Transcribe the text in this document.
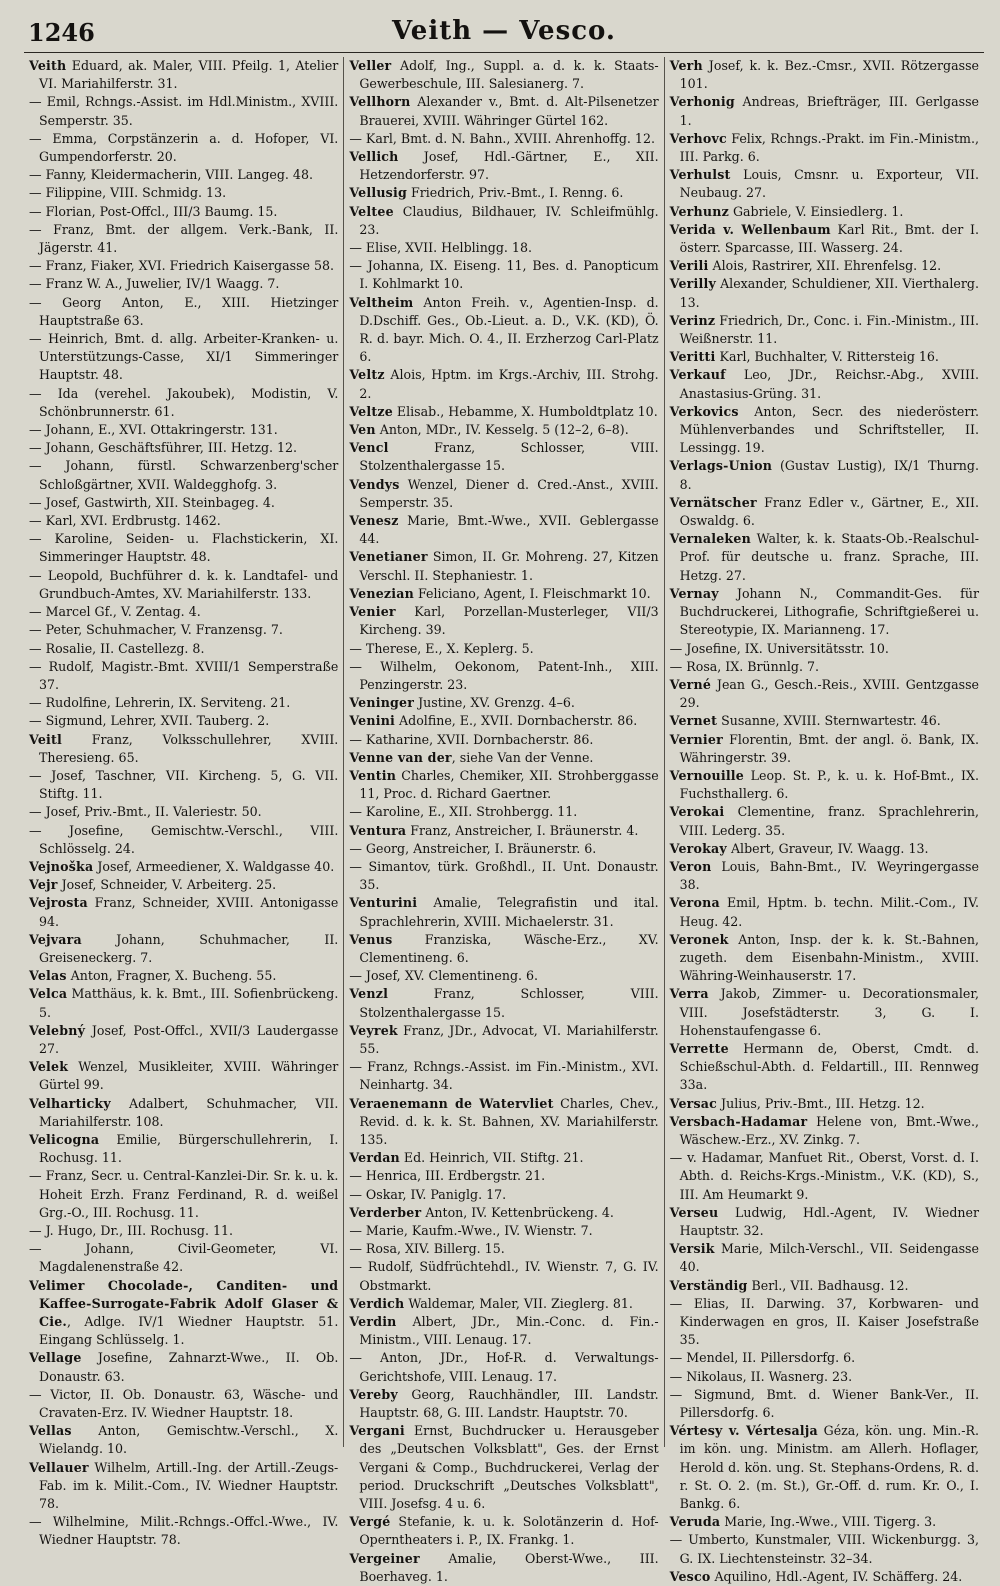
1246	Veith — Vesco.

Veith Eduard, ak. Maler, VIII. Pfeilg. 1, Atelier VI. Mariahilferstr. 31.

— Emil, Rchngs.-Assist. im Hdl.Ministm., XVIII. Semperstr. 35.

— Emma, Corpstänzerin a. d. Hofoper, VI. Gumpendorferstr. 20.

— Fanny, Kleidermacherin, VIII. Langeg. 48.

— Filippine, VIII. Schmidg. 13.

— Florian, Post-Offcl., III/3 Baumg. 15.

— Franz, Bmt. der allgem. Verk.-Bank, II. Jägerstr. 41.

— Franz, Fiaker, XVI. Friedrich Kaisergasse 58.

— Franz W. A., Juwelier, IV/1 Waagg. 7.

— Georg Anton, E., XIII. Hietzinger Hauptstraße 63.

— Heinrich, Bmt. d. allg. Arbeiter-Kranken- u. Unterstützungs-Casse, XI/1 Simmeringer Hauptstr. 48.

— Ida (verehel. Jakoubek), Modistin, V. Schönbrunnerstr. 61.

— Johann, E., XVI. Ottakringerstr. 131.

— Johann, Geschäftsführer, III. Hetzg. 12.

— Johann, fürstl. Schwarzenberg'scher Schloßgärtner, XVII. Waldegghofg. 3.

— Josef, Gastwirth, XII. Steinbageg. 4.

— Karl, XVI. Erdbrustg. 1462.

— Karoline, Seiden- u. Flachstickerin, XI. Simmeringer Hauptstr. 48.

— Leopold, Buchführer d. k. k. Landtafel- und Grundbuch-Amtes, XV. Mariahilferstr. 133.

— Marcel Gf., V. Zentag. 4.

— Peter, Schuhmacher, V. Franzensg. 7.

— Rosalie, II. Castellezg. 8.

— Rudolf, Magistr.-Bmt. XVIII/1 Semperstraße 37.

— Rudolfine, Lehrerin, IX. Serviteng. 21.

— Sigmund, Lehrer, XVII. Tauberg. 2.

Veitl Franz, Volksschullehrer, XVIII. Theresieng. 65.

— Josef, Taschner, VII. Kircheng. 5, G. VII. Stiftg. 11.

— Josef, Priv.-Bmt., II. Valeriestr. 50.

— Josefine, Gemischtw.-Verschl., VIII. Schlösselg. 24.

Vejnoška Josef, Armeediener, X. Waldgasse 40.

Vejr Josef, Schneider, V. Arbeiterg. 25.

Vejrosta Franz, Schneider, XVIII. Antonigasse 94.

Vejvara Johann, Schuhmacher, II. Greiseneckerg. 7.

Velas Anton, Fragner, X. Bucheng. 55.

Velca Matthäus, k. k. Bmt., III. Sofienbrückeng. 5.

Velebný Josef, Post-Offcl., XVII/3 Laudergasse 27.

Velek Wenzel, Musikleiter, XVIII. Währinger Gürtel 99.

Velharticky Adalbert, Schuhmacher, VII. Mariahilferstr. 108.

Velicogna Emilie, Bürgerschullehrerin, I. Rochusg. 11.

— Franz, Secr. u. Central-Kanzlei-Dir. Sr. k. u. k. Hoheit Erzh. Franz Ferdinand, R. d. weißel Grg.-O., III. Rochusg. 11.

— J. Hugo, Dr., III. Rochusg. 11.

— Johann, Civil-Geometer, VI. Magdalenenstraße 42.

Velimer Chocolade-, Canditen- und Kaffee-Surrogate-Fabrik Adolf Glaser & Cie., Adlge. IV/1 Wiedner Hauptstr. 51. Eingang Schlüsselg. 1.

Vellage Josefine, Zahnarzt-Wwe., II. Ob. Donaustr. 63.

— Victor, II. Ob. Donaustr. 63, Wäsche- und Cravaten-Erz. IV. Wiedner Hauptstr. 18.

Vellas Anton, Gemischtw.-Verschl., X. Wielandg. 10.

Vellauer Wilhelm, Artill.-Ing. der Artill.-Zeugs-Fab. im k. Milit.-Com., IV. Wiedner Hauptstr. 78.

— Wilhelmine, Milit.-Rchngs.-Offcl.-Wwe., IV. Wiedner Hauptstr. 78.

Veller Adolf, Ing., Suppl. a. d. k. k. Staats-Gewerbeschule, III. Salesianerg. 7.

Vellhorn Alexander v., Bmt. d. Alt-Pilsenetzer Brauerei, XVIII. Währinger Gürtel 162.

— Karl, Bmt. d. N. Bahn., XVIII. Ahrenhoffg. 12.

Vellich Josef, Hdl.-Gärtner, E., XII. Hetzendorferstr. 97.

Vellusig Friedrich, Priv.-Bmt., I. Renng. 6.

Veltee Claudius, Bildhauer, IV. Schleifmühlg. 23.

— Elise, XVII. Helblingg. 18.

— Johanna, IX. Eiseng. 11, Bes. d. Panopticum I. Kohlmarkt 10.

Veltheim Anton Freih. v., Agentien-Insp. d. D.Dschiff. Ges., Ob.-Lieut. a. D., V.K. (KD), Ö. R. d. bayr. Mich. O. 4., II. Erzherzog Carl-Platz 6.

Veltz Alois, Hptm. im Krgs.-Archiv, III. Strohg. 2.

Veltze Elisab., Hebamme, X. Humboldtplatz 10.

Ven Anton, MDr., IV. Kesselg. 5 (12–2, 6–8).

Vencl Franz, Schlosser, VIII. Stolzenthalergasse 15.

Vendys Wenzel, Diener d. Cred.-Anst., XVIII. Semperstr. 35.

Venesz Marie, Bmt.-Wwe., XVII. Geblergasse 44.

Venetianer Simon, II. Gr. Mohreng. 27, Kitzen Verschl. II. Stephaniestr. 1.

Venezian Feliciano, Agent, I. Fleischmarkt 10.

Venier Karl, Porzellan-Musterleger, VII/3 Kircheng. 39.

— Therese, E., X. Keplerg. 5.

— Wilhelm, Oekonom, Patent-Inh., XIII. Penzingerstr. 23.

Veninger Justine, XV. Grenzg. 4–6.

Venini Adolfine, E., XVII. Dornbacherstr. 86.

— Katharine, XVII. Dornbacherstr. 86.

Venne van der, siehe Van der Venne.

Ventin Charles, Chemiker, XII. Strohberggasse 11, Proc. d. Richard Gaertner.

— Karoline, E., XII. Strohbergg. 11.

Ventura Franz, Anstreicher, I. Bräunerstr. 4.

— Georg, Anstreicher, I. Bräunerstr. 6.

— Simantov, türk. Großhdl., II. Unt. Donaustr. 35.

Venturini Amalie, Telegrafistin und ital. Sprachlehrerin, XVIII. Michaelerstr. 31.

Venus Franziska, Wäsche-Erz., XV. Clementineng. 6.

— Josef, XV. Clementineng. 6.

Venzl Franz, Schlosser, VIII. Stolzenthalergasse 15.

Veyrek Franz, JDr., Advocat, VI. Mariahilferstr. 55.

— Franz, Rchngs.-Assist. im Fin.-Ministm., XVI. Neinhartg. 34.

Veraenemann de Watervliet Charles, Chev., Revid. d. k. k. St. Bahnen, XV. Mariahilferstr. 135.

Verdan Ed. Heinrich, VII. Stiftg. 21.

— Henrica, III. Erdbergstr. 21.

— Oskar, IV. Paniglg. 17.

Verderber Anton, IV. Kettenbrückeng. 4.

— Marie, Kaufm.-Wwe., IV. Wienstr. 7.

— Rosa, XIV. Billerg. 15.

— Rudolf, Südfrüchtehdl., IV. Wienstr. 7, G. IV. Obstmarkt.

Verdich Waldemar, Maler, VII. Zieglerg. 81.

Verdin Albert, JDr., Min.-Conc. d. Fin.-Ministm., VIII. Lenaug. 17.

— Anton, JDr., Hof-R. d. Verwaltungs-Gerichtshofe, VIII. Lenaug. 17.

Vereby Georg, Rauchhändler, III. Landstr. Hauptstr. 68, G. III. Landstr. Hauptstr. 70.

Vergani Ernst, Buchdrucker u. Herausgeber des „Deutschen Volksblatt", Ges. der Ernst Vergani & Comp., Buchdruckerei, Verlag der period. Druckschrift „Deutsches Volksblatt", VIII. Josefsg. 4 u. 6.

Vergé Stefanie, k. u. k. Solotänzerin d. Hof-Operntheaters i. P., IX. Frankg. 1.

Vergeiner Amalie, Oberst-Wwe., III. Boerhaveg. 1.

Verh Josef, k. k. Bez.-Cmsr., XVII. Rötzergasse 101.

Verhonig Andreas, Briefträger, III. Gerlgasse 1.

Verhovc Felix, Rchngs.-Prakt. im Fin.-Ministm., III. Parkg. 6.

Verhulst Louis, Cmsnr. u. Exporteur, VII. Neubaug. 27.

Verhunz Gabriele, V. Einsiedlerg. 1.

Verida v. Wellenbaum Karl Rit., Bmt. der I. österr. Sparcasse, III. Wasserg. 24.

Verili Alois, Rastrirer, XII. Ehrenfelsg. 12.

Verilly Alexander, Schuldiener, XII. Vierthalerg. 13.

Verinz Friedrich, Dr., Conc. i. Fin.-Ministm., III. Weißnerstr. 11.

Veritti Karl, Buchhalter, V. Rittersteig 16.

Verkauf Leo, JDr., Reichsr.-Abg., XVIII. Anastasius-Grüng. 31.

Verkovics Anton, Secr. des niederösterr. Mühlenverbandes und Schriftsteller, II. Lessingg. 19.

Verlags-Union (Gustav Lustig), IX/1 Thurng. 8.

Vernätscher Franz Edler v., Gärtner, E., XII. Oswaldg. 6.

Vernaleken Walter, k. k. Staats-Ob.-Realschul-Prof. für deutsche u. franz. Sprache, III. Hetzg. 27.

Vernay Johann N., Commandit-Ges. für Buchdruckerei, Lithografie, Schriftgießerei u. Stereotypie, IX. Marianneng. 17.

— Josefine, IX. Universitätsstr. 10.

— Rosa, IX. Brünnlg. 7.

Verné Jean G., Gesch.-Reis., XVIII. Gentzgasse 29.

Vernet Susanne, XVIII. Sternwartestr. 46.

Vernier Florentin, Bmt. der angl. ö. Bank, IX. Währingerstr. 39.

Vernouille Leop. St. P., k. u. k. Hof-Bmt., IX. Fuchsthallerg. 6.

Verokai Clementine, franz. Sprachlehrerin, VIII. Lederg. 35.

Verokay Albert, Graveur, IV. Waagg. 13.

Veron Louis, Bahn-Bmt., IV. Weyringergasse 38.

Verona Emil, Hptm. b. techn. Milit.-Com., IV. Heug. 42.

Veronek Anton, Insp. der k. k. St.-Bahnen, zugeth. dem Eisenbahn-Ministm., XVIII. Währing-Weinhauserstr. 17.

Verra Jakob, Zimmer- u. Decorationsmaler, VIII. Josefstädterstr. 3, G. I. Hohenstaufengasse 6.

Verrette Hermann de, Oberst, Cmdt. d. Schießschul-Abth. d. Feldartill., III. Rennweg 33a.

Versac Julius, Priv.-Bmt., III. Hetzg. 12.

Versbach-Hadamar Helene von, Bmt.-Wwe., Wäschew.-Erz., XV. Zinkg. 7.

— v. Hadamar, Manfuet Rit., Oberst, Vorst. d. I. Abth. d. Reichs-Krgs.-Ministm., V.K. (KD), S., III. Am Heumarkt 9.

Verseu Ludwig, Hdl.-Agent, IV. Wiedner Hauptstr. 32.

Versik Marie, Milch-Verschl., VII. Seidengasse 40.

Verständig Berl., VII. Badhausg. 12.

— Elias, II. Darwing. 37, Korbwaren- und Kinderwagen en gros, II. Kaiser Josefstraße 35.

— Mendel, II. Pillersdorfg. 6.

— Nikolaus, II. Wasnerg. 23.

— Sigmund, Bmt. d. Wiener Bank-Ver., II. Pillersdorfg. 6.

Vértesy v. Vértesalja Géza, kön. ung. Min.-R. im kön. ung. Ministm. am Allerh. Hoflager, Herold d. kön. ung. St. Stephans-Ordens, R. d. r. St. O. 2. (m. St.), Gr.-Off. d. rum. Kr. O., I. Bankg. 6.

Veruda Marie, Ing.-Wwe., VIII. Tigerg. 3.

— Umberto, Kunstmaler, VIII. Wickenburgg. 3, G. IX. Liechtensteinstr. 32–34.

Vesco Aquilino, Hdl.-Agent, IV. Schäfferg. 24.
